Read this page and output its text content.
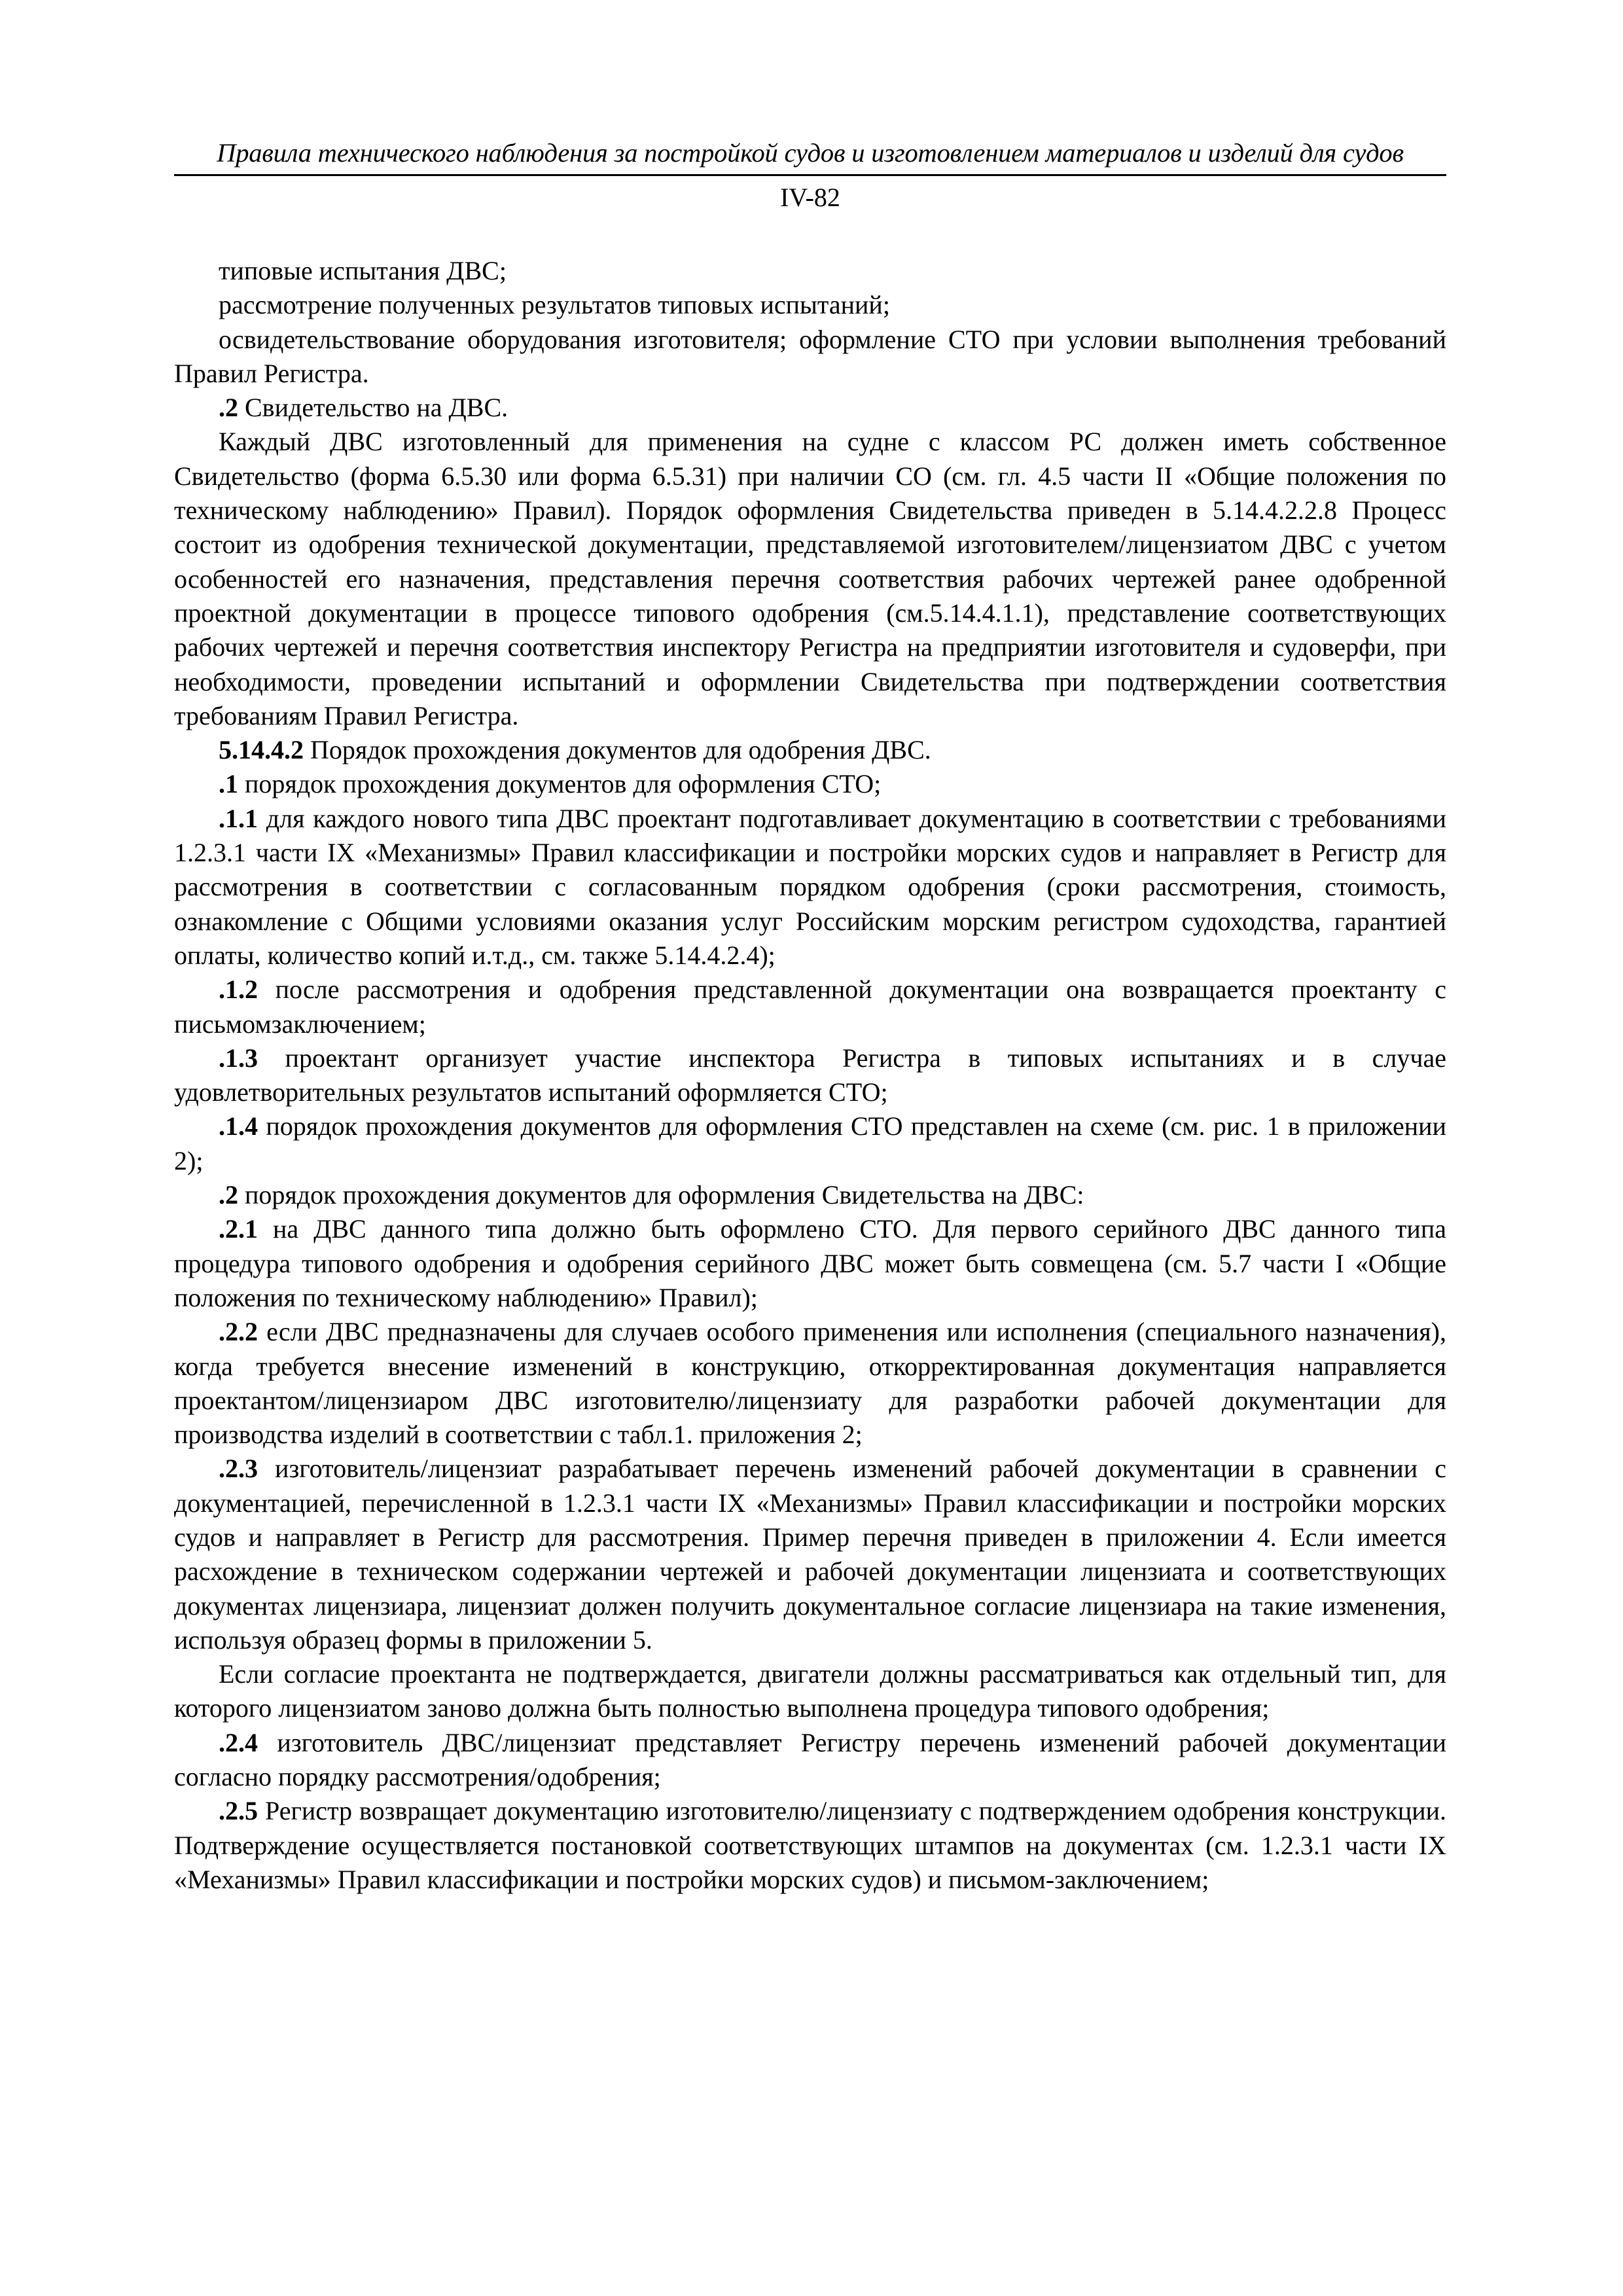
Правила технического наблюдения за постройкой судов и изготовлением материалов и изделий для судов
IV-82

типовые испытания ДВС;

рассмотрение полученных результатов типовых испытаний;

освидетельствование оборудования изготовителя; оформление СТО при условии выполнения требований Правил Регистра.

.2 Свидетельство на ДВС.

Каждый ДВС изготовленный для применения на судне с классом РС должен иметь собственное Свидетельство (форма 6.5.30 или форма 6.5.31) при наличии СО (см. гл. 4.5 части II «Общие положения по техническому наблюдению» Правил). Порядок оформления Свидетельства приведен в 5.14.4.2.2.8 Процесс состоит из одобрения технической документации, представляемой изготовителем/лицензиатом ДВС с учетом особенностей его назначения, представления перечня соответствия рабочих чертежей ранее одобренной проектной документации в процессе типового одобрения (см.5.14.4.1.1), представление соответствующих рабочих чертежей и перечня соответствия инспектору Регистра на предприятии изготовителя и судоверфи, при необходимости, проведении испытаний и оформлении Свидетельства при подтверждении соответствия требованиям Правил Регистра.

5.14.4.2 Порядок прохождения документов для одобрения ДВС.

.1 порядок прохождения документов для оформления СТО;

.1.1 для каждого нового типа ДВС проектант подготавливает документацию в соответствии с требованиями 1.2.3.1 части IX «Механизмы» Правил классификации и постройки морских судов и направляет в Регистр для рассмотрения в соответствии с согласованным порядком одобрения (сроки рассмотрения, стоимость, ознакомление с Общими условиями оказания услуг Российским морским регистром судоходства, гарантией оплаты, количество копий и.т.д., см. также 5.14.4.2.4);

.1.2 после рассмотрения и одобрения представленной документации она возвращается проектанту с письмомзаключением;

.1.3 проектант организует участие инспектора Регистра в типовых испытаниях и в случае удовлетворительных результатов испытаний оформляется СТО;

.1.4 порядок прохождения документов для оформления СТО представлен на схеме (см. рис. 1 в приложении 2);

.2 порядок прохождения документов для оформления Свидетельства на ДВС:

.2.1 на ДВС данного типа должно быть оформлено СТО. Для первого серийного ДВС данного типа процедура типового одобрения и одобрения серийного ДВС может быть совмещена (см. 5.7 части I «Общие положения по техническому наблюдению» Правил);

.2.2 если ДВС предназначены для случаев особого применения или исполнения (специального назначения), когда требуется внесение изменений в конструкцию, откорректированная документация направляется проектантом/лицензиаром ДВС изготовителю/лицензиату для разработки рабочей документации для производства изделий в соответствии с табл.1. приложения 2;

.2.3 изготовитель/лицензиат разрабатывает перечень изменений рабочей документации в сравнении с документацией, перечисленной в 1.2.3.1 части IX «Механизмы» Правил классификации и постройки морских судов и направляет в Регистр для рассмотрения. Пример перечня приведен в приложении 4. Если имеется расхождение в техническом содержании чертежей и рабочей документации лицензиата и соответствующих документах лицензиара, лицензиат должен получить документальное согласие лицензиара на такие изменения, используя образец формы в приложении 5.

Если согласие проектанта не подтверждается, двигатели должны рассматриваться как отдельный тип, для которого лицензиатом заново должна быть полностью выполнена процедура типового одобрения;

.2.4 изготовитель ДВС/лицензиат представляет Регистру перечень изменений рабочей документации согласно порядку рассмотрения/одобрения;

.2.5 Регистр возвращает документацию изготовителю/лицензиату с подтверждением одобрения конструкции. Подтверждение осуществляется постановкой соответствующих штампов на документах (см. 1.2.3.1 части IX «Механизмы» Правил классификации и постройки морских судов) и письмом-заключением;
